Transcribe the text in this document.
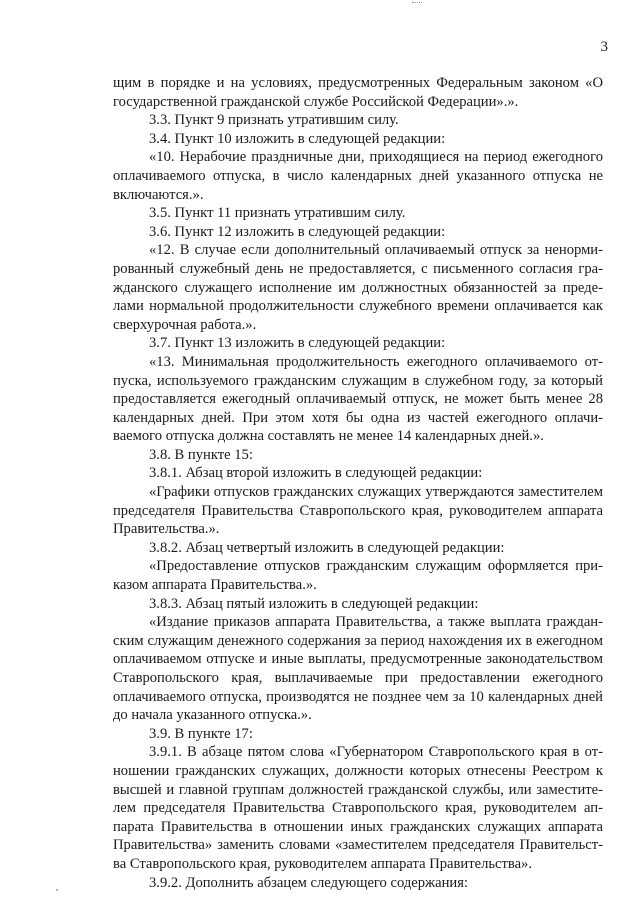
3

щим в порядке и на условиях, предусмотренных Федеральным законом «О государственной гражданской службе Российской Федерации».».

3.3. Пункт 9 признать утратившим силу.

3.4. Пункт 10 изложить в следующей редакции:

«10. Нерабочие праздничные дни, приходящиеся на период ежегодного оплачиваемого отпуска, в число календарных дней указанного отпуска не включаются.».

3.5. Пункт 11 признать утратившим силу.

3.6. Пункт 12 изложить в следующей редакции:

«12. В случае если дополнительный оплачиваемый отпуск за ненормированный служебный день не предоставляется, с письменного согласия гражданского служащего исполнение им должностных обязанностей за пределами нормальной продолжительности служебного времени оплачивается как сверхурочная работа.».

3.7. Пункт 13 изложить в следующей редакции:

«13. Минимальная продолжительность ежегодного оплачиваемого отпуска, используемого гражданским служащим в служебном году, за который предоставляется ежегодный оплачиваемый отпуск, не может быть менее 28 календарных дней. При этом хотя бы одна из частей ежегодного оплачиваемого отпуска должна составлять не менее 14 календарных дней.».

3.8. В пункте 15:

3.8.1. Абзац второй изложить в следующей редакции:

«Графики отпусков гражданских служащих утверждаются заместителем председателя Правительства Ставропольского края, руководителем аппарата Правительства.».

3.8.2. Абзац четвертый изложить в следующей редакции:

«Предоставление отпусков гражданским служащим оформляется приказом аппарата Правительства.».

3.8.3. Абзац пятый изложить в следующей редакции:

«Издание приказов аппарата Правительства, а также выплата гражданским служащим денежного содержания за период нахождения их в ежегодном оплачиваемом отпуске и иные выплаты, предусмотренные законодательством Ставропольского края, выплачиваемые при предоставлении ежегодного оплачиваемого отпуска, производятся не позднее чем за 10 календарных дней до начала указанного отпуска.».

3.9. В пункте 17:

3.9.1. В абзаце пятом слова «Губернатором Ставропольского края в отношении гражданских служащих, должности которых отнесены Реестром к высшей и главной группам должностей гражданской службы, или заместителем председателя Правительства Ставропольского края, руководителем аппарата Правительства в отношении иных гражданских служащих аппарата Правительства» заменить словами «заместителем председателя Правительства Ставропольского края, руководителем аппарата Правительства».

3.9.2. Дополнить абзацем следующего содержания:
